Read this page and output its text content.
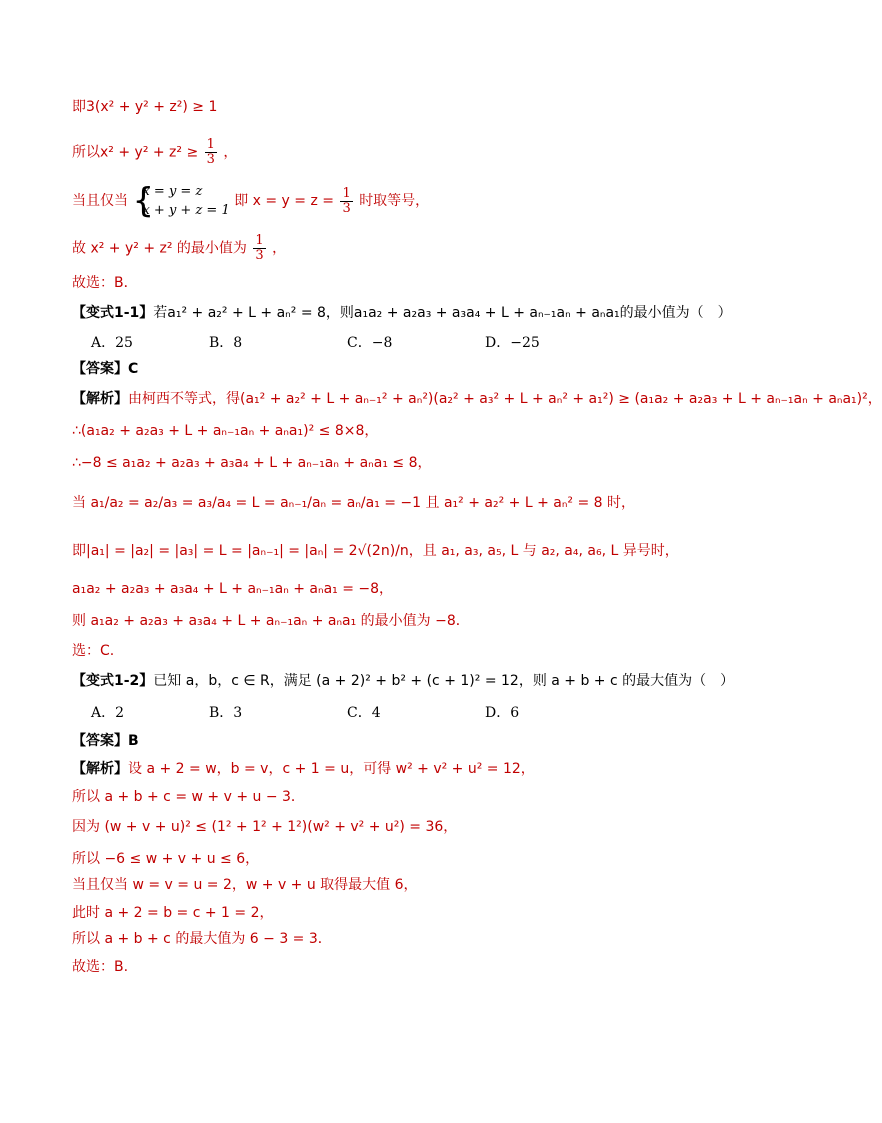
即3(x² + y² + z²) ≥ 1
所以$x^2 + y^2 + z^2 \ge \frac{1}{3}$ ，
当且仅当
{ x = y = z
x + y + z = 1
即 $x = y = z = \frac{1}{3}$ 时取等号，
故 x² + y² + z² 的最小值为 $\frac{1}{3}$ ，
故选：B．
【变式1-1】若a₁² + a₂² + L + aₙ² = 8，则a₁a₂ + a₂a₃ + a₃a₄ + L + aₙ₋₁aₙ + aₙa₁的最小值为（　）
A．25	B．8	C．−8	D．−25
【答案】C
【解析】由柯西不等式，得(a₁² + a₂² + L + aₙ₋₁² + aₙ²)(a₂² + a₃² + L + aₙ² + a₁²) ≥ (a₁a₂ + a₂a₃ + L + aₙ₋₁aₙ + aₙa₁)²，
∴(a₁a₂ + a₂a₃ + L + aₙ₋₁aₙ + aₙa₁)² ≤ 8×8，
∴−8 ≤ a₁a₂ + a₂a₃ + a₃a₄ + L + aₙ₋₁aₙ + aₙa₁ ≤ 8，
当 a₁/a₂ = a₂/a₃ = a₃/a₄ = L = aₙ₋₁/aₙ = aₙ/a₁ = −1 且 a₁² + a₂² + L + aₙ² = 8 时，
即|a₁| = |a₂| = |a₃| = L = |aₙ₋₁| = |aₙ| = 2√(2n)/n，且 a₁, a₃, a₅, L 与 a₂, a₄, a₆, L 异号时，
a₁a₂ + a₂a₃ + a₃a₄ + L + aₙ₋₁aₙ + aₙa₁ = −8，
则 a₁a₂ + a₂a₃ + a₃a₄ + L + aₙ₋₁aₙ + aₙa₁ 的最小值为 −8．
选：C.
【变式1-2】已知 a，b，c ∈ R，满足 (a + 2)² + b² + (c + 1)² = 12，则 a + b + c 的最大值为（　）
A．2	B．3	C．4	D．6
【答案】B
【解析】设 a + 2 = w，b = v，c + 1 = u，可得 w² + v² + u² = 12，
所以 a + b + c = w + v + u − 3．
因为 (w + v + u)² ≤ (1² + 1² + 1²)(w² + v² + u²) = 36，
所以 −6 ≤ w + v + u ≤ 6，
当且仅当 w = v = u = 2，w + v + u 取得最大值 6，
此时 a + 2 = b = c + 1 = 2，
所以 a + b + c 的最大值为 6 − 3 = 3．
故选：B.
